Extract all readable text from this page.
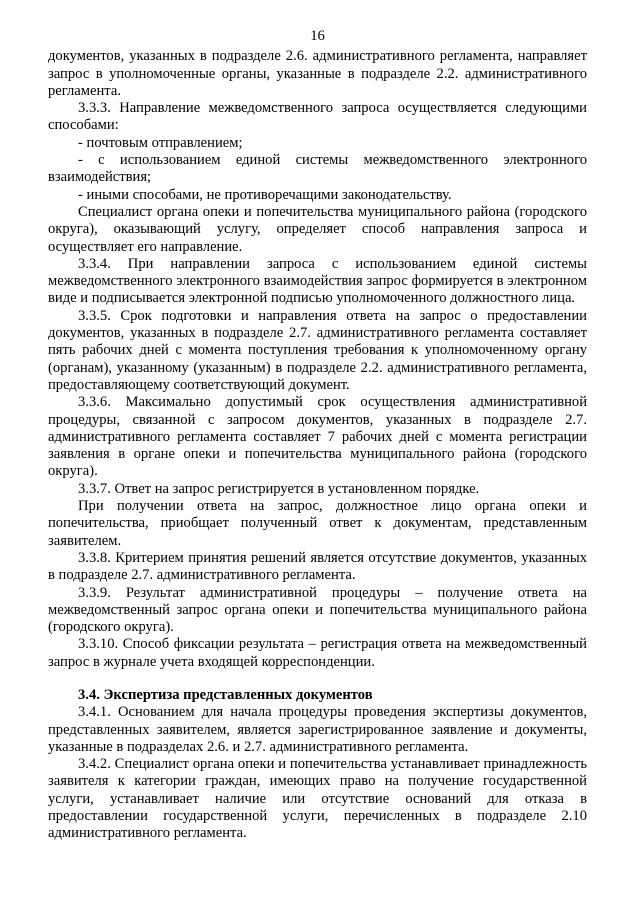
16

документов, указанных в подразделе 2.6. административного регламента, направляет запрос в уполномоченные органы, указанные в подразделе 2.2. административного регламента.

3.3.3. Направление межведомственного запроса осуществляется следующими способами:

- почтовым отправлением;

- с использованием единой системы межведомственного электронного взаимодействия;

- иными способами, не противоречащими законодательству.

Специалист органа опеки и попечительства муниципального района (городского округа), оказывающий услугу, определяет способ направления запроса и осуществляет его направление.

3.3.4. При направлении запроса с использованием единой системы межведомственного электронного взаимодействия запрос формируется в электронном виде и подписывается электронной подписью уполномоченного должностного лица.

3.3.5. Срок подготовки и направления ответа на запрос о предоставлении документов, указанных в подразделе 2.7. административного регламента составляет пять рабочих дней с момента поступления требования к уполномоченному органу (органам), указанному (указанным) в подразделе 2.2. административного регламента, предоставляющему соответствующий документ.

3.3.6. Максимально допустимый срок осуществления административной процедуры, связанной с запросом документов, указанных в подразделе 2.7. административного регламента составляет 7 рабочих дней с момента регистрации заявления в органе опеки и попечительства муниципального района (городского округа).

3.3.7. Ответ на запрос регистрируется в установленном порядке.

При получении ответа на запрос, должностное лицо органа опеки и попечительства, приобщает полученный ответ к документам, представленным заявителем.

3.3.8. Критерием принятия решений является отсутствие документов, указанных в подразделе 2.7. административного регламента.

3.3.9. Результат административной процедуры – получение ответа на межведомственный запрос органа опеки и попечительства муниципального района (городского округа).

3.3.10. Способ фиксации результата – регистрация ответа на межведомственный запрос в журнале учета входящей корреспонденции.

3.4. Экспертиза представленных документов

3.4.1. Основанием для начала процедуры проведения экспертизы документов, представленных заявителем, является зарегистрированное заявление и документы, указанные в подразделах 2.6. и 2.7. административного регламента.

3.4.2. Специалист органа опеки и попечительства устанавливает принадлежность заявителя к категории граждан, имеющих право на получение государственной услуги, устанавливает наличие или отсутствие оснований для отказа в предоставлении государственной услуги, перечисленных в подразделе 2.10 административного регламента.
